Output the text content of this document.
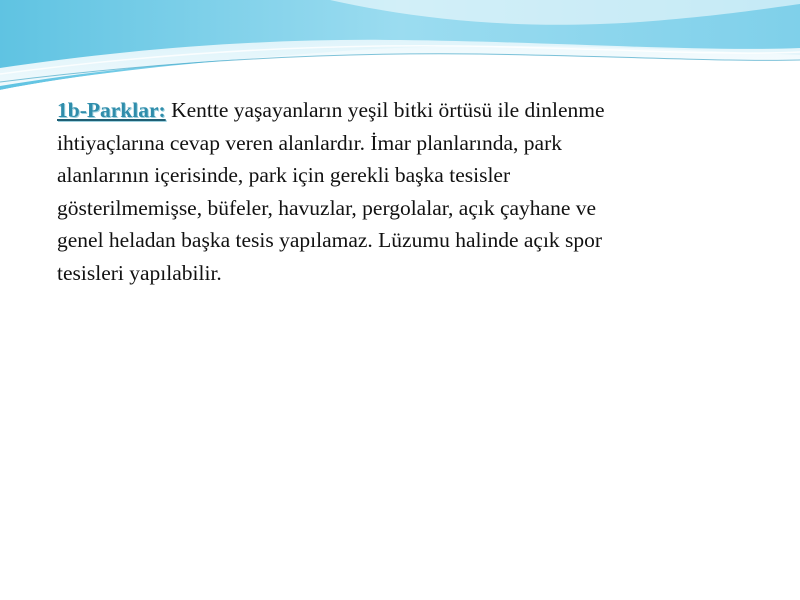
1b-Parklar: Kentte yaşayanların yeşil bitki örtüsü ile dinlenme
ihtiyaçlarına cevap veren alanlardır. İmar planlarında, park
alanlarının içerisinde, park için gerekli başka tesisler
gösterilmemişse, büfeler, havuzlar, pergolalar, açık çayhane ve
genel heladan başka tesis yapılamaz. Lüzumu halinde açık spor
tesisleri yapılabilir.
